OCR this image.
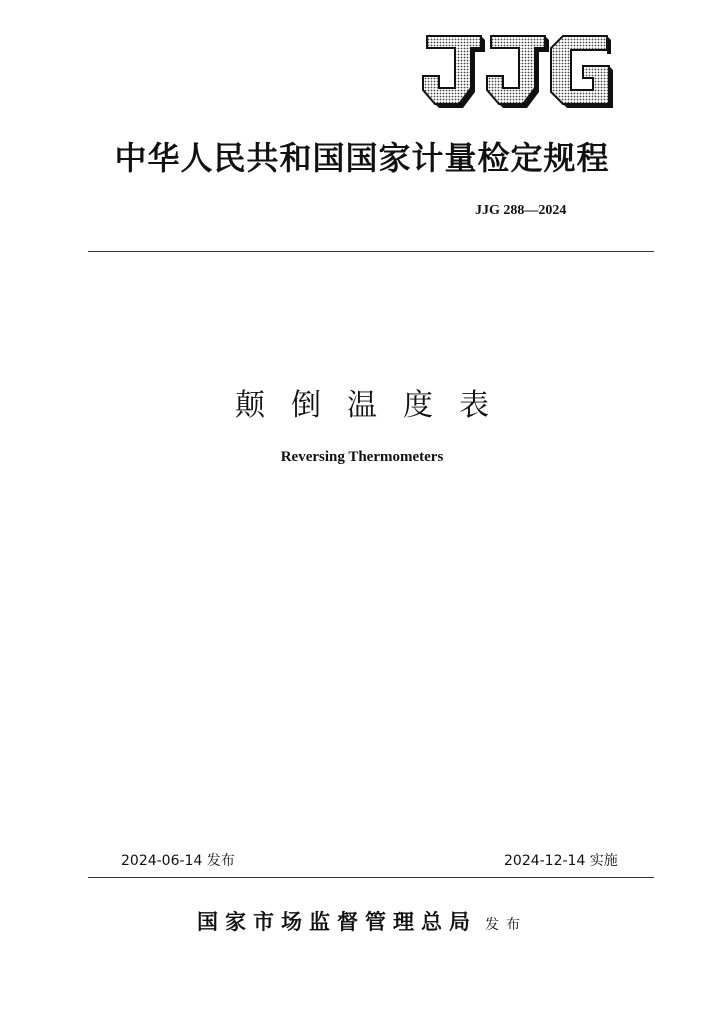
中华人民共和国国家计量检定规程
JJG 288—2024
颠倒温度表
Reversing Thermometers
2024-06-14 发布	2024-12-14 实施
国家市场监督管理总局 发布
